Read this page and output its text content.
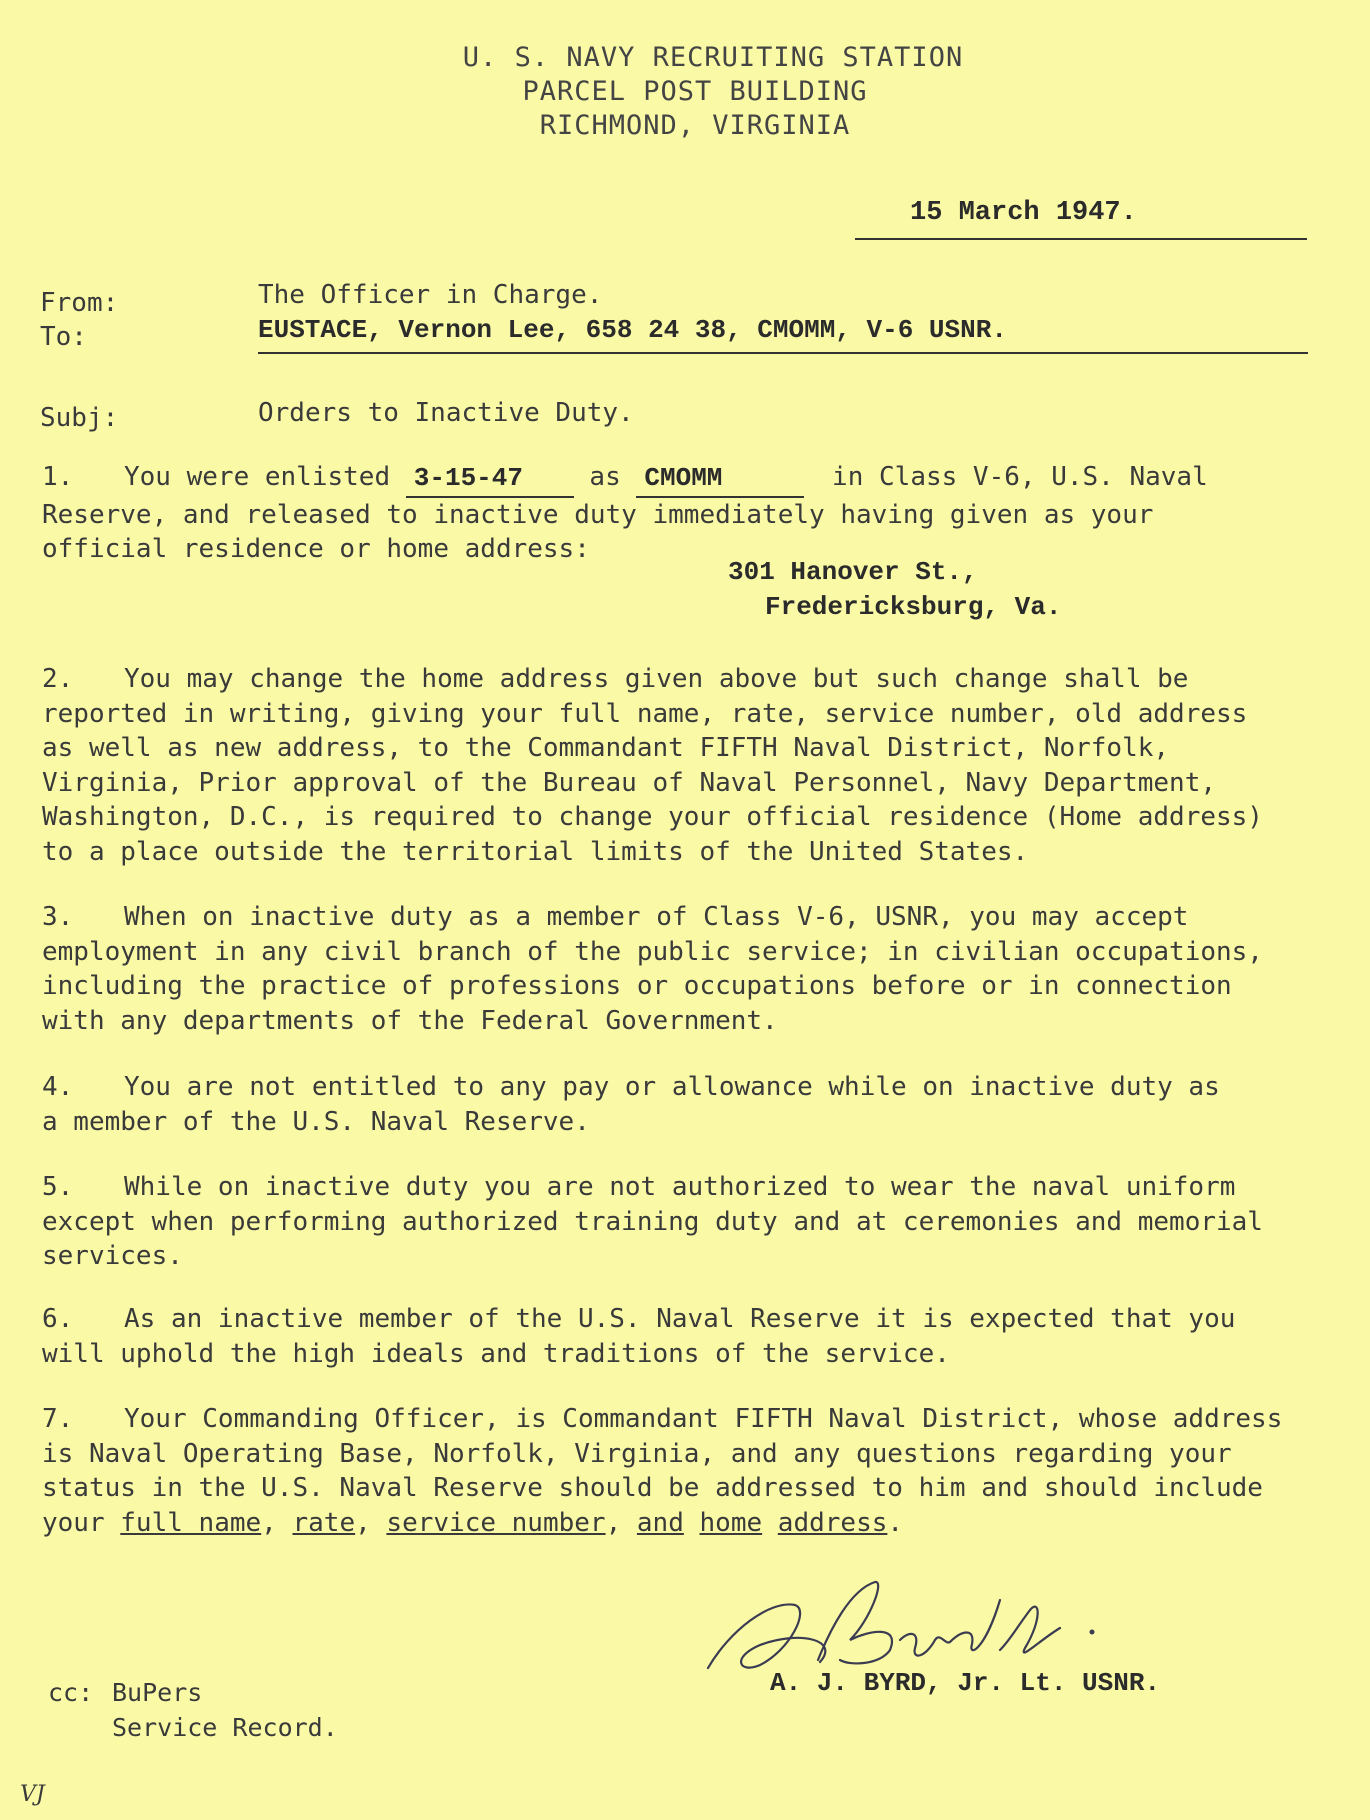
U. S. NAVY RECRUITING STATION
PARCEL POST BUILDING
RICHMOND, VIRGINIA
15 March 1947.
From:	The Officer in Charge.
To:	EUSTACE, Vernon Lee, 658 24 38, CMOMM, V-6 USNR.
Subj:	Orders to Inactive Duty.

1. You were enlisted 3-15-47	as CMOMM	in Class V-6, U.S. Naval

Reserve, and released to inactive duty immediately having given as your

official residence or home address:

301 Hanover St.,
Fredericksburg, Va.

2. You may change the home address given above but such change shall be

reported in writing, giving your full name, rate, service number, old address

as well as new address, to the Commandant FIFTH Naval District, Norfolk,

Virginia, Prior approval of the Bureau of Naval Personnel, Navy Department,

Washington, D.C., is required to change your official residence (Home address)

to a place outside the territorial limits of the United States.

3. When on inactive duty as a member of Class V-6, USNR, you may accept

employment in any civil branch of the public service; in civilian occupations,

including the practice of professions or occupations before or in connection

with any departments of the Federal Government.

4. You are not entitled to any pay or allowance while on inactive duty as

a member of the U.S. Naval Reserve.

5. While on inactive duty you are not authorized to wear the naval uniform

except when performing authorized training duty and at ceremonies and memorial

services.

6. As an inactive member of the U.S. Naval Reserve it is expected that you

will uphold the high ideals and traditions of the service.

7. Your Commanding Officer, is Commandant FIFTH Naval District, whose address

is Naval Operating Base, Norfolk, Virginia, and any questions regarding your

status in the U.S. Naval Reserve should be addressed to him and should include

your full name, rate, service number, and home address.

A. J. BYRD, Jr. Lt. USNR.
cc: BuPers
Service Record.
VJ
